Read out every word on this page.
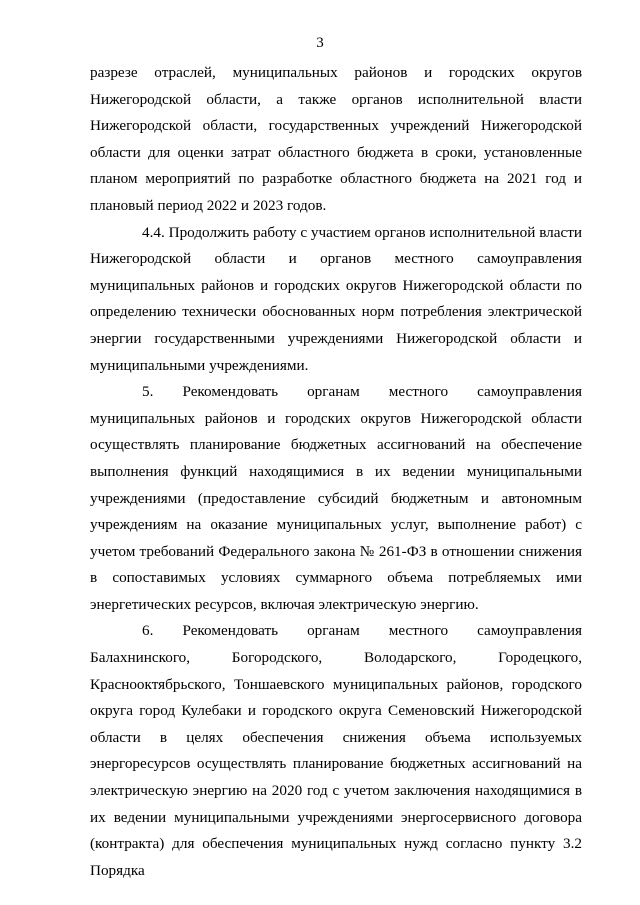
3

разрезе отраслей, муниципальных районов и городских округов Нижегородской области, а также органов исполнительной власти Нижегородской области, государственных учреждений Нижегородской области для оценки затрат областного бюджета в сроки, установленные планом мероприятий по разработке областного бюджета на 2021 год и плановый период 2022 и 2023 годов.

4.4. Продолжить работу с участием органов исполнительной власти Нижегородской области и органов местного самоуправления муниципальных районов и городских округов Нижегородской области по определению технически обоснованных норм потребления электрической энергии государственными учреждениями Нижегородской области и муниципальными учреждениями.

5. Рекомендовать органам местного самоуправления муниципальных районов и городских округов Нижегородской области осуществлять планирование бюджетных ассигнований на обеспечение выполнения функций находящимися в их ведении муниципальными учреждениями (предоставление субсидий бюджетным и автономным учреждениям на оказание муниципальных услуг, выполнение работ) с учетом требований Федерального закона № 261-ФЗ в отношении снижения в сопоставимых условиях суммарного объема потребляемых ими энергетических ресурсов, включая электрическую энергию.

6. Рекомендовать органам местного самоуправления Балахнинского, Богородского, Володарского, Городецкого, Краснооктябрьского, Тоншаевского муниципальных районов, городского округа город Кулебаки и городского округа Семеновский Нижегородской области в целях обеспечения снижения объема используемых энергоресурсов осуществлять планирование бюджетных ассигнований на электрическую энергию на 2020 год с учетом заключения находящимися в их ведении муниципальными учреждениями энергосервисного договора (контракта) для обеспечения муниципальных нужд согласно пункту 3.2 Порядка
